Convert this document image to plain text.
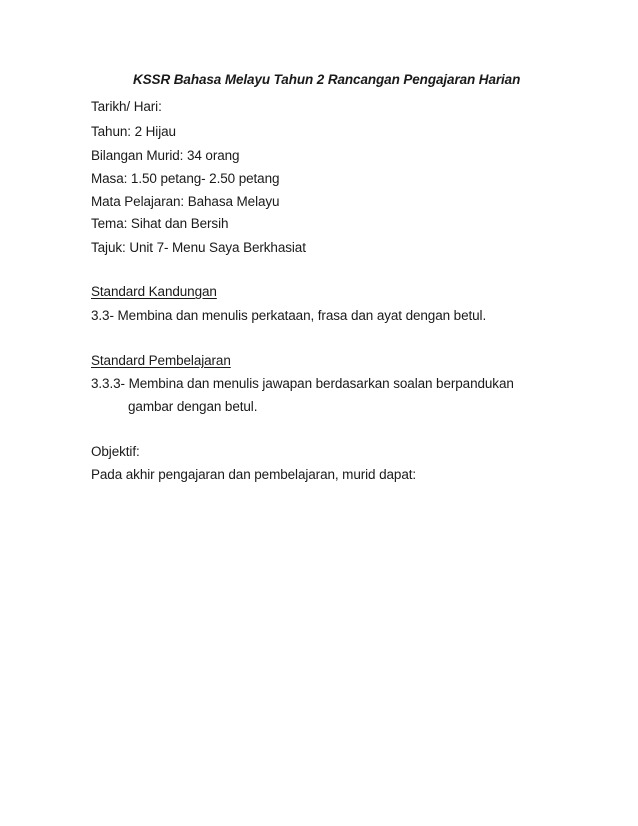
KSSR Bahasa Melayu Tahun 2 Rancangan Pengajaran Harian
Tarikh/ Hari:
Tahun: 2 Hijau
Bilangan Murid: 34 orang
Masa: 1.50 petang- 2.50 petang
Mata Pelajaran: Bahasa Melayu
Tema: Sihat dan Bersih
Tajuk: Unit 7- Menu Saya Berkhasiat
Standard Kandungan
3.3- Membina dan menulis perkataan, frasa dan ayat dengan betul.
Standard Pembelajaran
3.3.3- Membina dan menulis jawapan berdasarkan soalan berpandukan
gambar dengan betul.
Objektif:
Pada akhir pengajaran dan pembelajaran, murid dapat:
